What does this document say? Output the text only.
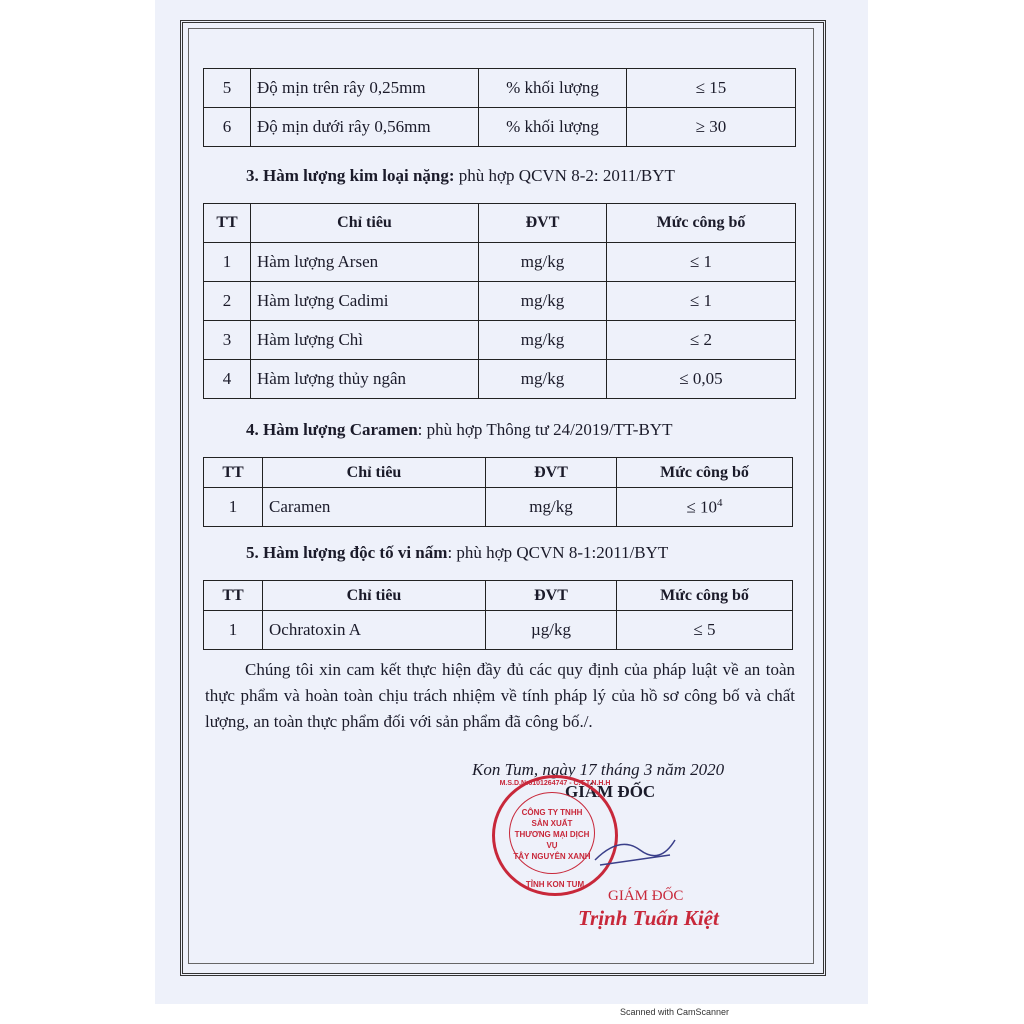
5	Độ mịn trên rây 0,25mm	% khối lượng	≤ 15
6	Độ mịn dưới rây 0,56mm	% khối lượng	≥ 30
3. Hàm lượng kim loại nặng: phù hợp QCVN 8-2: 2011/BYT
TT	Chỉ tiêu	ĐVT	Mức công bố
1	Hàm lượng Arsen	mg/kg	≤ 1
2	Hàm lượng Cadimi	mg/kg	≤ 1
3	Hàm lượng Chì	mg/kg	≤ 2
4	Hàm lượng thủy ngân	mg/kg	≤ 0,05
4. Hàm lượng Caramen: phù hợp Thông tư 24/2019/TT-BYT
TT	Chỉ tiêu	ĐVT	Mức công bố
1	Caramen	mg/kg	≤ $10^4$
5. Hàm lượng độc tố vi nấm: phù hợp QCVN 8-1:2011/BYT
TT	Chỉ tiêu	ĐVT	Mức công bố
1	Ochratoxin A	µg/kg	≤ 5
Chúng tôi xin cam kết thực hiện đầy đủ các quy định của pháp luật về an toàn thực phẩm và hoàn toàn chịu trách nhiệm về tính pháp lý của hồ sơ công bố và chất lượng, an toàn thực phẩm đối với sản phẩm đã công bố./.
Kon Tum, ngày 17 tháng 3 năm 2020
GIÁM ĐỐC
M.S.D.N:6101264747 - C.T.T.N.H.H
CÔNG TY TNHH
SẢN XUẤT
THƯƠNG MẠI DỊCH VỤ
TÂY NGUYÊN XANH
TỈNH KON TUM
GIÁM ĐỐC
Trịnh Tuấn Kiệt
Scanned with CamScanner
